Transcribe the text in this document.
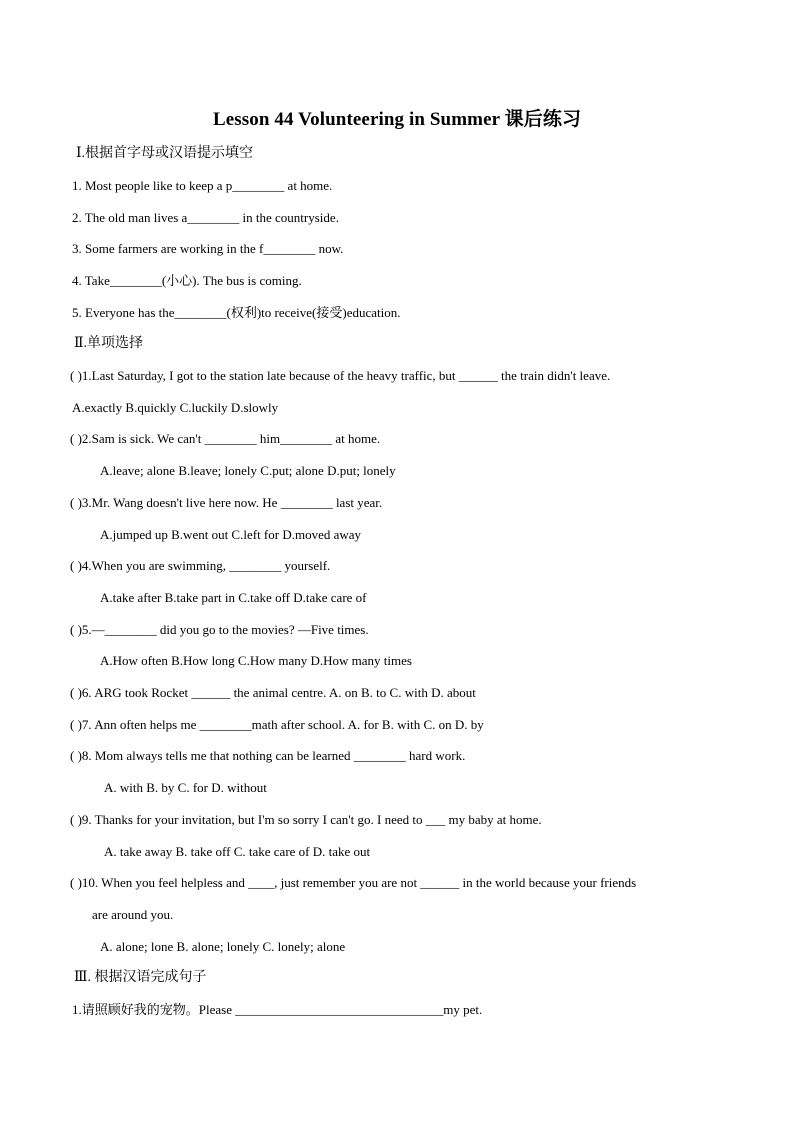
Lesson 44 Volunteering in Summer 课后练习
Ⅰ.根据首字母或汉语提示填空
1. Most people like to keep a p________ at home.
2. The old man lives a________ in the countryside.
3. Some farmers are working in the f________ now.
4. Take________(小心). The bus is coming.
5. Everyone has the________(权利)to receive(接受)education.
Ⅱ.单项选择
( )1.Last Saturday, I got to the station late because of the heavy traffic, but ______ the train didn't leave.
A.exactly B.quickly C.luckily D.slowly
( )2.Sam is sick. We can't ________ him________ at home.
A.leave; alone B.leave; lonely C.put; alone D.put; lonely
( )3.Mr. Wang doesn't live here now. He ________ last year.
A.jumped up B.went out C.left for D.moved away
( )4.When you are swimming, ________ yourself.
A.take after B.take part in C.take off D.take care of
( )5.—________ did you go to the movies? —Five times.
A.How often B.How long C.How many D.How many times
( )6. ARG took Rocket ______ the animal centre. A. on B. to C. with D. about
( )7. Ann often helps me ________math after school. A. for B. with C. on D. by
( )8. Mom always tells me that nothing can be learned ________ hard work.
A. with B. by C. for D. without
( )9. Thanks for your invitation, but I'm so sorry I can't go. I need to ___ my baby at home.
A. take away B. take off C. take care of D. take out
( )10. When you feel helpless and ____, just remember you are not ______ in the world because your friends
are around you.
A. alone; lone B. alone; lonely C. lonely; alone
Ⅲ. 根据汉语完成句子
1.请照顾好我的宠物。Please ________________________________my pet.
